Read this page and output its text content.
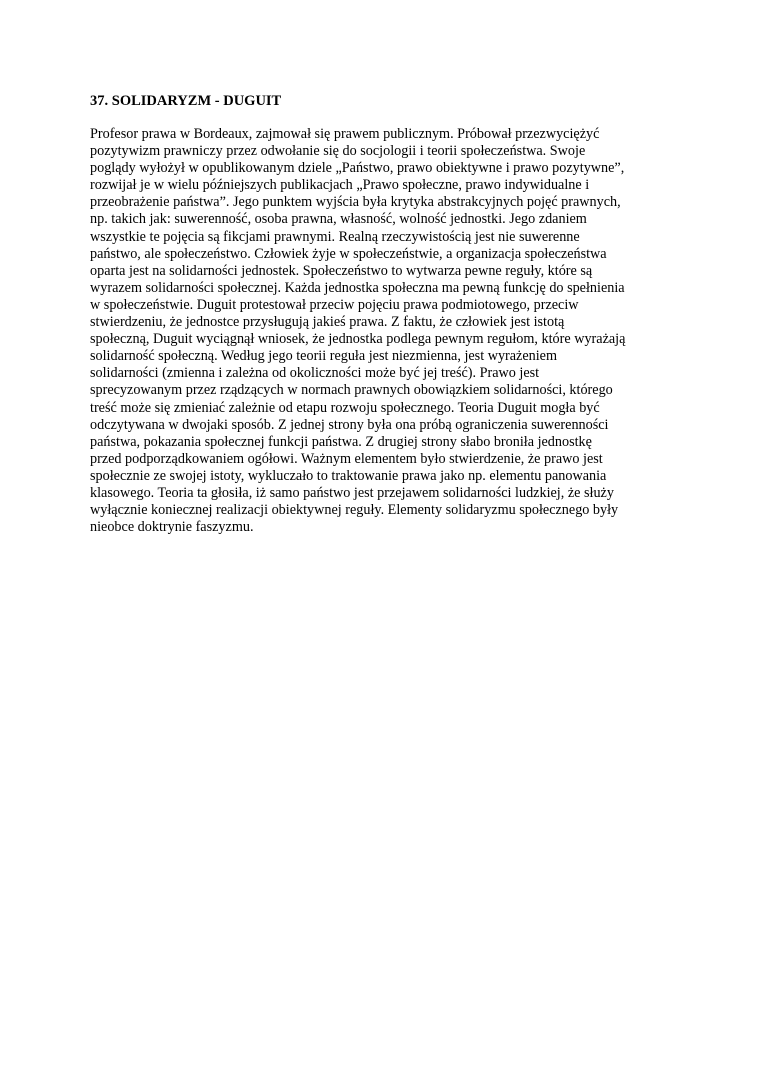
37. SOLIDARYZM - DUGUIT

Profesor prawa w Bordeaux, zajmował się prawem publicznym. Próbował przezwyciężyć
pozytywizm prawniczy przez odwołanie się do socjologii i teorii społeczeństwa. Swoje
poglądy wyłożył w opublikowanym dziele „Państwo, prawo obiektywne i prawo pozytywne”,
rozwijał je w wielu późniejszych publikacjach „Prawo społeczne, prawo indywidualne i
przeobrażenie państwa”. Jego punktem wyjścia była krytyka abstrakcyjnych pojęć prawnych,
np. takich jak: suwerenność, osoba prawna, własność, wolność jednostki. Jego zdaniem
wszystkie te pojęcia są fikcjami prawnymi. Realną rzeczywistością jest nie suwerenne
państwo, ale społeczeństwo. Człowiek żyje w społeczeństwie, a organizacja społeczeństwa
oparta jest na solidarności jednostek. Społeczeństwo to wytwarza pewne reguły, które są
wyrazem solidarności społecznej. Każda jednostka społeczna ma pewną funkcję do spełnienia
w społeczeństwie. Duguit protestował przeciw pojęciu prawa podmiotowego, przeciw
stwierdzeniu, że jednostce przysługują jakieś prawa. Z faktu, że człowiek jest istotą
społeczną, Duguit wyciągnął wniosek, że jednostka podlega pewnym regułom, które wyrażają
solidarność społeczną. Według jego teorii reguła jest niezmienna, jest wyrażeniem
solidarności (zmienna i zależna od okoliczności może być jej treść). Prawo jest
sprecyzowanym przez rządzących w normach prawnych obowiązkiem solidarności, którego
treść może się zmieniać zależnie od etapu rozwoju społecznego. Teoria Duguit mogła być
odczytywana w dwojaki sposób. Z jednej strony była ona próbą ograniczenia suwerenności
państwa, pokazania społecznej funkcji państwa. Z drugiej strony słabo broniła jednostkę
przed podporządkowaniem ogółowi. Ważnym elementem było stwierdzenie, że prawo jest
społecznie ze swojej istoty, wykluczało to traktowanie prawa jako np. elementu panowania
klasowego. Teoria ta głosiła, iż samo państwo jest przejawem solidarności ludzkiej, że służy
wyłącznie koniecznej realizacji obiektywnej reguły. Elementy solidaryzmu społecznego były
nieobce doktrynie faszyzmu.
